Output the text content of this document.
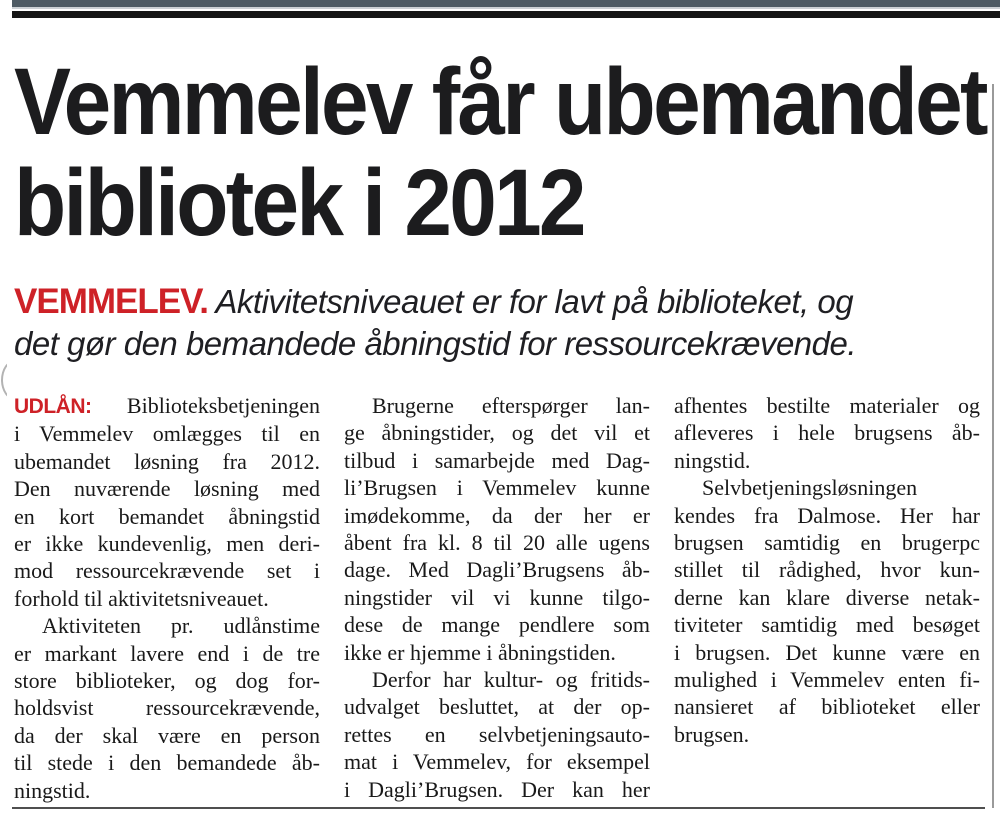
Vemmelev får ubemandet
bibliotek i 2012
VEMMELEV. Aktivitetsniveauet er for lavt på biblioteket, og
det gør den bemandede åbningstid for ressourcekrævende.
UDLÅN: Biblioteksbetjeningen
i Vemmelev omlægges til en
ubemandet løsning fra 2012.
Den nuværende løsning med
en kort bemandet åbningstid
er ikke kundevenlig, men deri-
mod ressourcekrævende set i
forhold til aktivitetsniveauet.
Aktiviteten pr. udlånstime
er markant lavere end i de tre
store biblioteker, og dog for-
holdsvist ressourcekrævende,
da der skal være en person
til stede i den bemandede åb-
ningstid.
Brugerne efterspørger lan-
ge åbningstider, og det vil et
tilbud i samarbejde med Dag-
li’Brugsen i Vemmelev kunne
imødekomme, da der her er
åbent fra kl. 8 til 20 alle ugens
dage. Med Dagli’Brugsens åb-
ningstider vil vi kunne tilgo-
dese de mange pendlere som
ikke er hjemme i åbningstiden.
Derfor har kultur- og fritids-
udvalget besluttet, at der op-
rettes en selvbetjeningsauto-
mat i Vemmelev, for eksempel
i Dagli’Brugsen. Der kan her
afhentes bestilte materialer og
afleveres i hele brugsens åb-
ningstid.
Selvbetjeningsløsningen
kendes fra Dalmose. Her har
brugsen samtidig en brugerpc
stillet til rådighed, hvor kun-
derne kan klare diverse netak-
tiviteter samtidig med besøget
i brugsen. Det kunne være en
mulighed i Vemmelev enten fi-
nansieret af biblioteket eller
brugsen.
